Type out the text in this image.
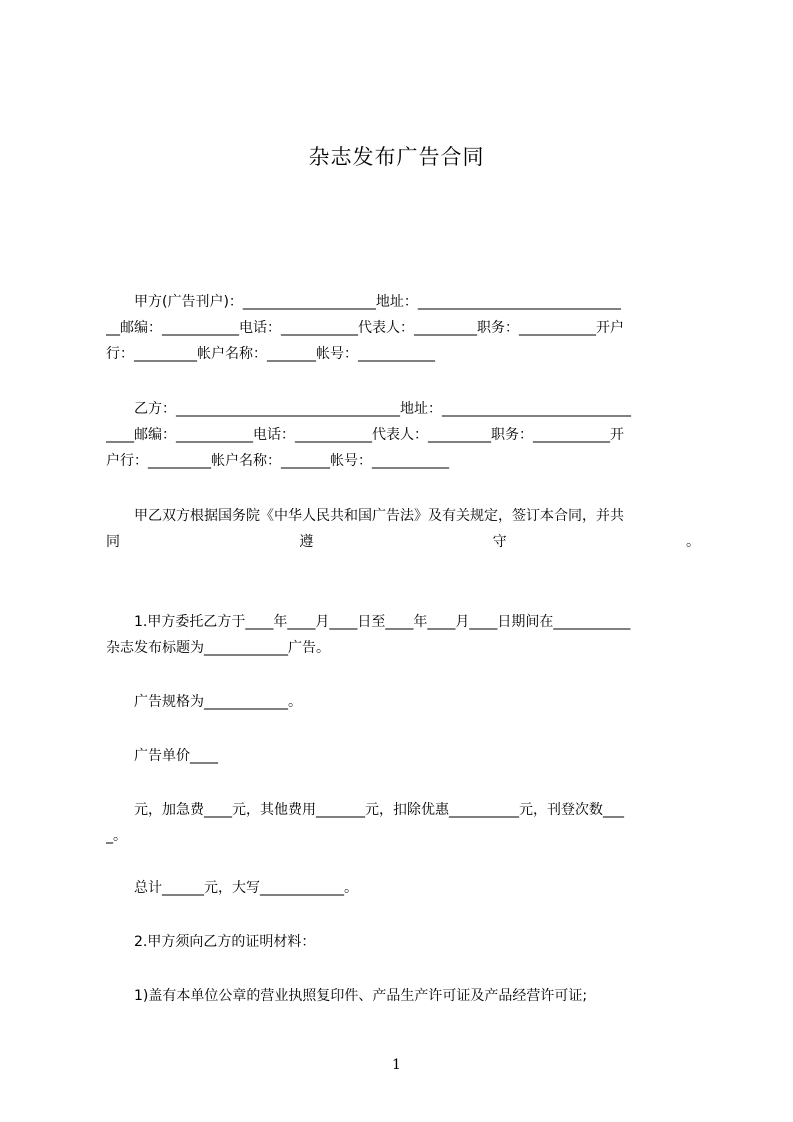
杂志发布广告合同
　　甲方(广告刊户)：___________________地址：_____________________________
__邮编：___________电话：___________代表人：_________职务：___________开户
行：_________帐户名称：_______帐号：___________
　　乙方：________________________________地址：___________________________
____邮编：___________电话：___________代表人：_________职务：___________开
户行：_________帐户名称：_______帐号：___________
　　甲乙双方根据国务院《中华人民共和国广告法》及有关规定，签订本合同，并共
同	遵	守	。
　　1.甲方委托乙方于____年____月____日至____年____月____日期间在___________
杂志发布标题为____________广告。
　　广告规格为____________。
　　广告单价____
　　元，加急费____元，其他费用_______元，扣除优惠__________元，刊登次数___
_。
　　总计______元，大写____________。
　　2.甲方须向乙方的证明材料：
　　1)盖有本单位公章的营业执照复印件、产品生产许可证及产品经营许可证;
1
